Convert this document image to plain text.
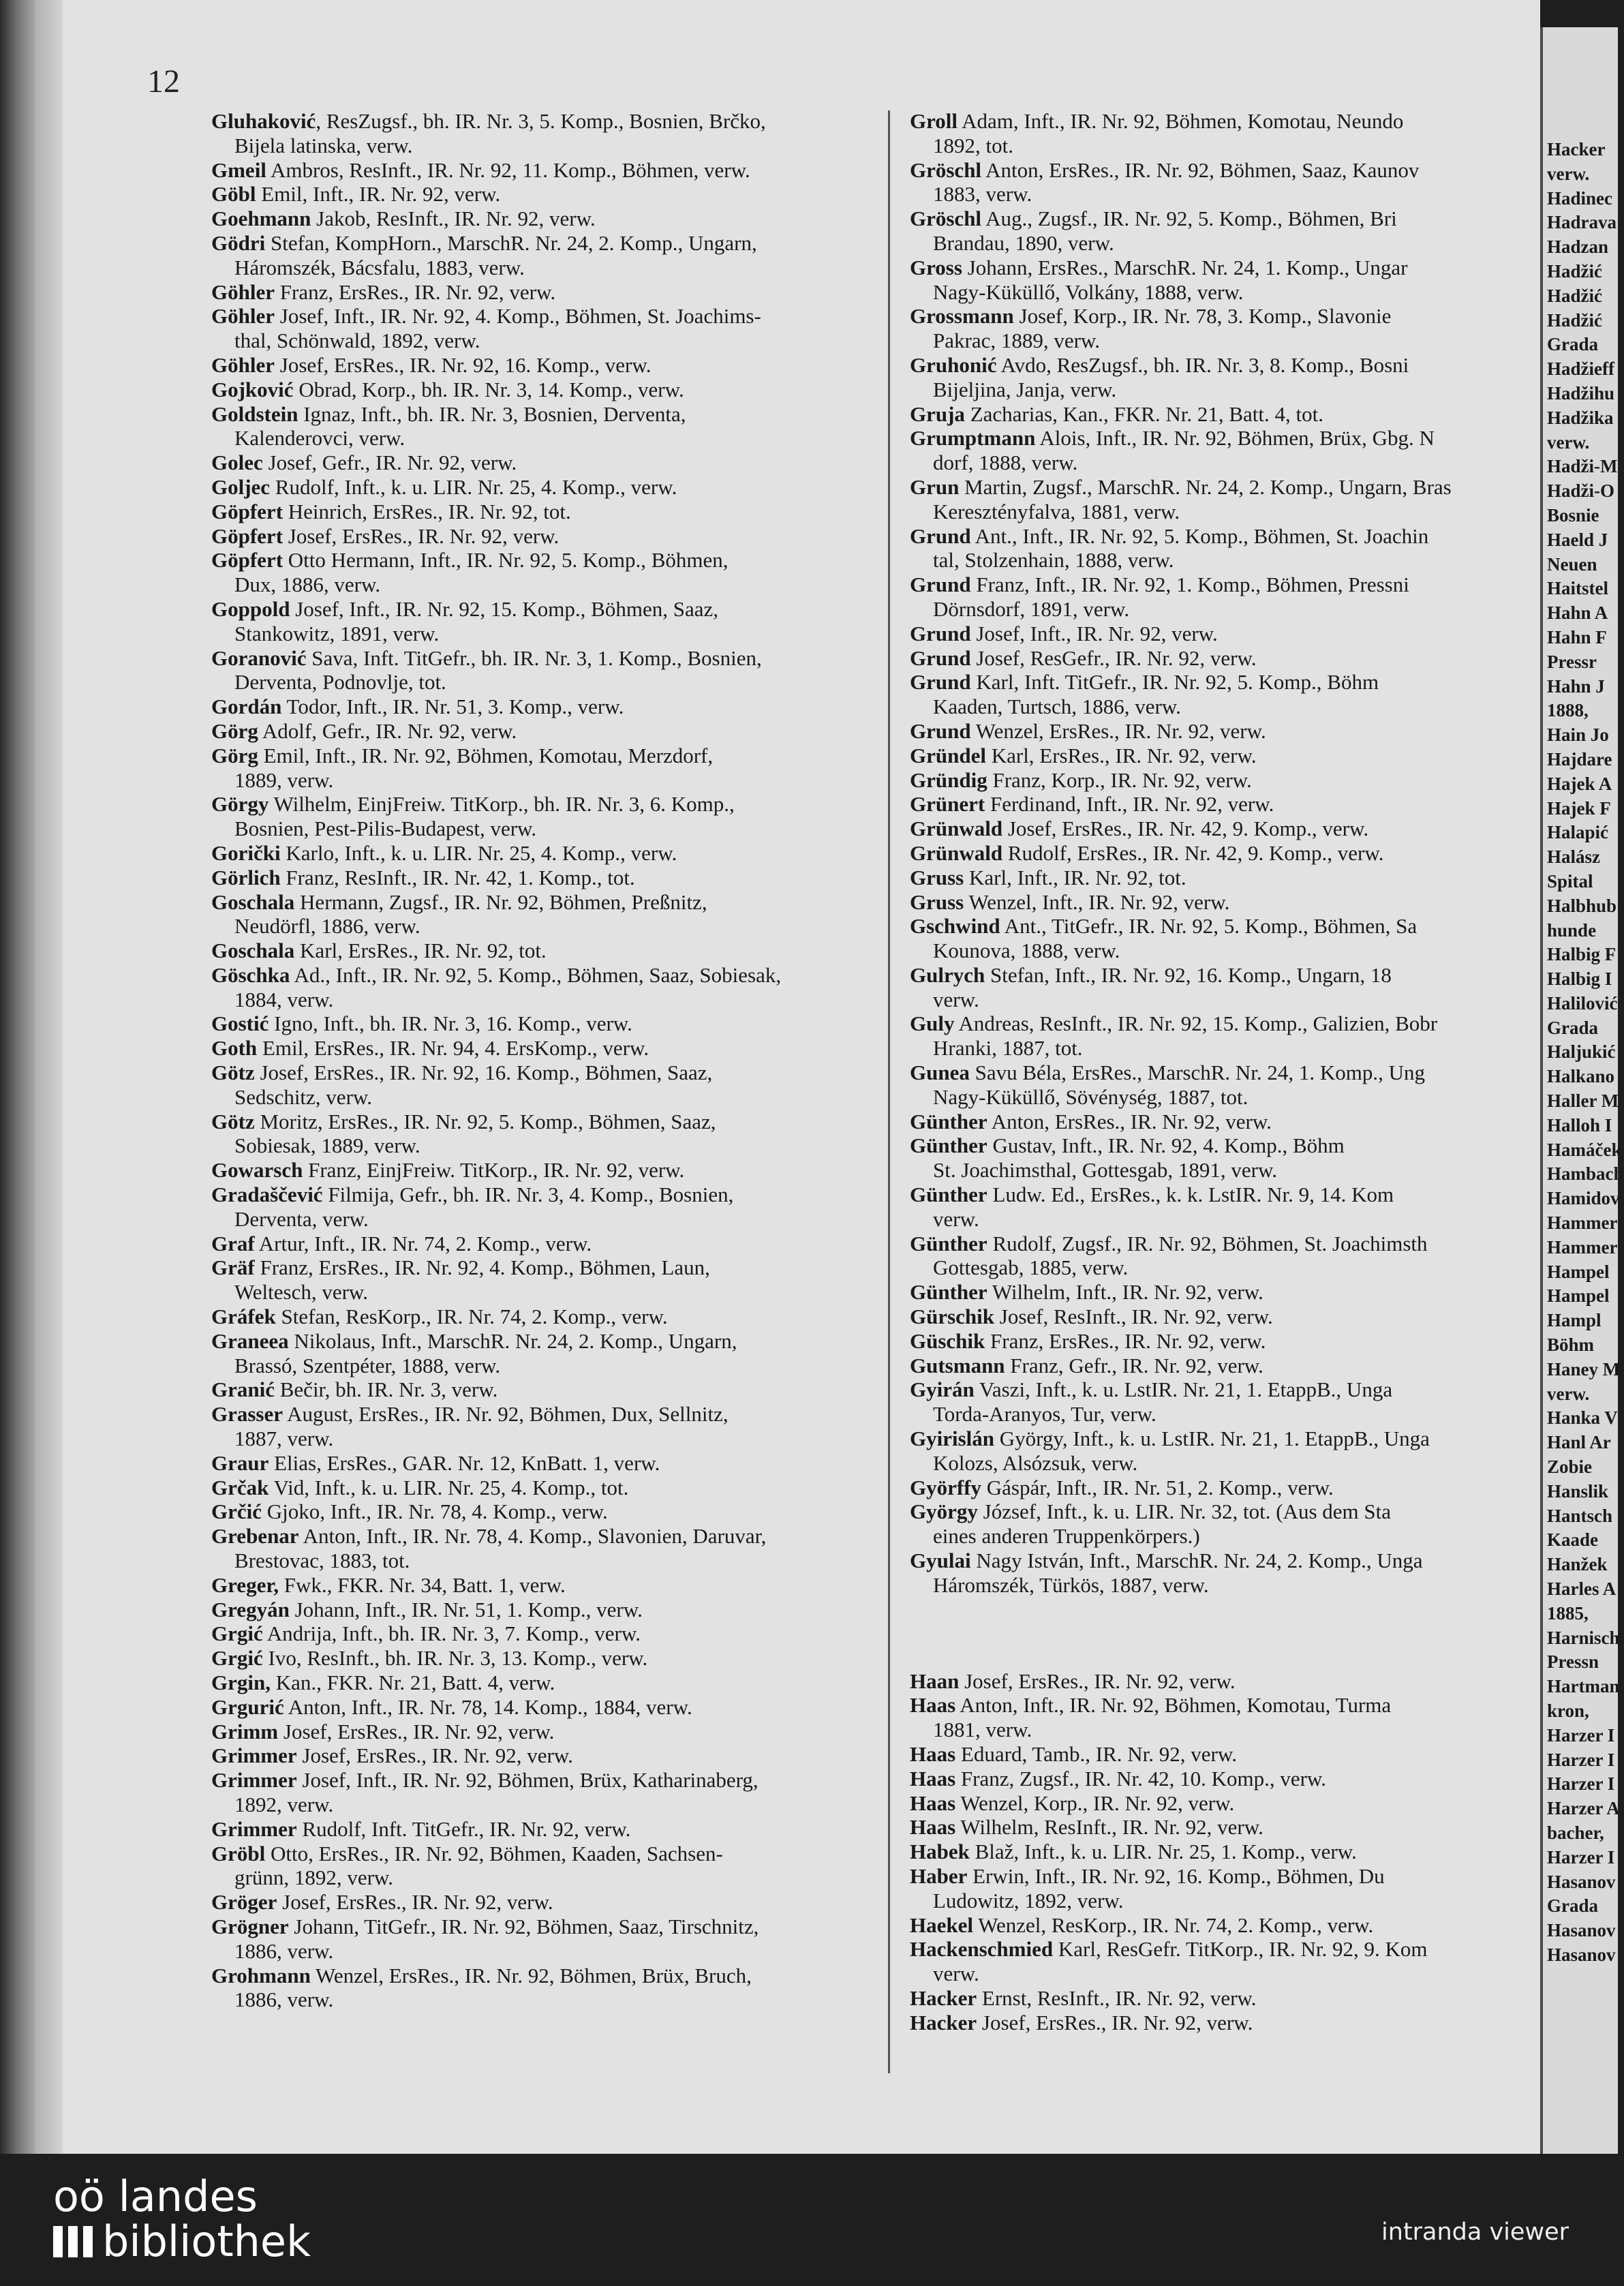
12
Gluhaković, ResZugsf., bh. IR. Nr. 3, 5. Komp., Bosnien, Brčko,
Bijela latinska, verw.
Gmeil Ambros, ResInft., IR. Nr. 92, 11. Komp., Böhmen, verw.
Göbl Emil, Inft., IR. Nr. 92, verw.
Goehmann Jakob, ResInft., IR. Nr. 92, verw.
Gödri Stefan, KompHorn., MarschR. Nr. 24, 2. Komp., Ungarn,
Háromszék, Bácsfalu, 1883, verw.
Göhler Franz, ErsRes., IR. Nr. 92, verw.
Göhler Josef, Inft., IR. Nr. 92, 4. Komp., Böhmen, St. Joachims-
thal, Schönwald, 1892, verw.
Göhler Josef, ErsRes., IR. Nr. 92, 16. Komp., verw.
Gojković Obrad, Korp., bh. IR. Nr. 3, 14. Komp., verw.
Goldstein Ignaz, Inft., bh. IR. Nr. 3, Bosnien, Derventa,
Kalenderovci, verw.
Golec Josef, Gefr., IR. Nr. 92, verw.
Goljec Rudolf, Inft., k. u. LIR. Nr. 25, 4. Komp., verw.
Göpfert Heinrich, ErsRes., IR. Nr. 92, tot.
Göpfert Josef, ErsRes., IR. Nr. 92, verw.
Göpfert Otto Hermann, Inft., IR. Nr. 92, 5. Komp., Böhmen,
Dux, 1886, verw.
Goppold Josef, Inft., IR. Nr. 92, 15. Komp., Böhmen, Saaz,
Stankowitz, 1891, verw.
Goranović Sava, Inft. TitGefr., bh. IR. Nr. 3, 1. Komp., Bosnien,
Derventa, Podnovlje, tot.
Gordán Todor, Inft., IR. Nr. 51, 3. Komp., verw.
Görg Adolf, Gefr., IR. Nr. 92, verw.
Görg Emil, Inft., IR. Nr. 92, Böhmen, Komotau, Merzdorf,
1889, verw.
Görgy Wilhelm, EinjFreiw. TitKorp., bh. IR. Nr. 3, 6. Komp.,
Bosnien, Pest-Pilis-Budapest, verw.
Gorički Karlo, Inft., k. u. LIR. Nr. 25, 4. Komp., verw.
Görlich Franz, ResInft., IR. Nr. 42, 1. Komp., tot.
Goschala Hermann, Zugsf., IR. Nr. 92, Böhmen, Preßnitz,
Neudörfl, 1886, verw.
Goschala Karl, ErsRes., IR. Nr. 92, tot.
Göschka Ad., Inft., IR. Nr. 92, 5. Komp., Böhmen, Saaz, Sobiesak,
1884, verw.
Gostić Igno, Inft., bh. IR. Nr. 3, 16. Komp., verw.
Goth Emil, ErsRes., IR. Nr. 94, 4. ErsKomp., verw.
Götz Josef, ErsRes., IR. Nr. 92, 16. Komp., Böhmen, Saaz,
Sedschitz, verw.
Götz Moritz, ErsRes., IR. Nr. 92, 5. Komp., Böhmen, Saaz,
Sobiesak, 1889, verw.
Gowarsch Franz, EinjFreiw. TitKorp., IR. Nr. 92, verw.
Gradaščević Filmija, Gefr., bh. IR. Nr. 3, 4. Komp., Bosnien,
Derventa, verw.
Graf Artur, Inft., IR. Nr. 74, 2. Komp., verw.
Gräf Franz, ErsRes., IR. Nr. 92, 4. Komp., Böhmen, Laun,
Weltesch, verw.
Gráfek Stefan, ResKorp., IR. Nr. 74, 2. Komp., verw.
Graneea Nikolaus, Inft., MarschR. Nr. 24, 2. Komp., Ungarn,
Brassó, Szentpéter, 1888, verw.
Granić Bečir, bh. IR. Nr. 3, verw.
Grasser August, ErsRes., IR. Nr. 92, Böhmen, Dux, Sellnitz,
1887, verw.
Graur Elias, ErsRes., GAR. Nr. 12, KnBatt. 1, verw.
Grčak Vid, Inft., k. u. LIR. Nr. 25, 4. Komp., tot.
Grčić Gjoko, Inft., IR. Nr. 78, 4. Komp., verw.
Grebenar Anton, Inft., IR. Nr. 78, 4. Komp., Slavonien, Daruvar,
Brestovac, 1883, tot.
Greger, Fwk., FKR. Nr. 34, Batt. 1, verw.
Gregyán Johann, Inft., IR. Nr. 51, 1. Komp., verw.
Grgić Andrija, Inft., bh. IR. Nr. 3, 7. Komp., verw.
Grgić Ivo, ResInft., bh. IR. Nr. 3, 13. Komp., verw.
Grgin, Kan., FKR. Nr. 21, Batt. 4, verw.
Grgurić Anton, Inft., IR. Nr. 78, 14. Komp., 1884, verw.
Grimm Josef, ErsRes., IR. Nr. 92, verw.
Grimmer Josef, ErsRes., IR. Nr. 92, verw.
Grimmer Josef, Inft., IR. Nr. 92, Böhmen, Brüx, Katharinaberg,
1892, verw.
Grimmer Rudolf, Inft. TitGefr., IR. Nr. 92, verw.
Gröbl Otto, ErsRes., IR. Nr. 92, Böhmen, Kaaden, Sachsen-
grünn, 1892, verw.
Gröger Josef, ErsRes., IR. Nr. 92, verw.
Grögner Johann, TitGefr., IR. Nr. 92, Böhmen, Saaz, Tirschnitz,
1886, verw.
Grohmann Wenzel, ErsRes., IR. Nr. 92, Böhmen, Brüx, Bruch,
1886, verw.
Groll Adam, Inft., IR. Nr. 92, Böhmen, Komotau, Neundo
1892, tot.
Gröschl Anton, ErsRes., IR. Nr. 92, Böhmen, Saaz, Kaunov
1883, verw.
Gröschl Aug., Zugsf., IR. Nr. 92, 5. Komp., Böhmen, Bri
Brandau, 1890, verw.
Gross Johann, ErsRes., MarschR. Nr. 24, 1. Komp., Ungar
Nagy-Küküllő, Volkány, 1888, verw.
Grossmann Josef, Korp., IR. Nr. 78, 3. Komp., Slavonie
Pakrac, 1889, verw.
Gruhonić Avdo, ResZugsf., bh. IR. Nr. 3, 8. Komp., Bosni
Bijeljina, Janja, verw.
Gruja Zacharias, Kan., FKR. Nr. 21, Batt. 4, tot.
Grumptmann Alois, Inft., IR. Nr. 92, Böhmen, Brüx, Gbg. N
dorf, 1888, verw.
Grun Martin, Zugsf., MarschR. Nr. 24, 2. Komp., Ungarn, Bras
Keresztényfalva, 1881, verw.
Grund Ant., Inft., IR. Nr. 92, 5. Komp., Böhmen, St. Joachin
tal, Stolzenhain, 1888, verw.
Grund Franz, Inft., IR. Nr. 92, 1. Komp., Böhmen, Pressni
Dörnsdorf, 1891, verw.
Grund Josef, Inft., IR. Nr. 92, verw.
Grund Josef, ResGefr., IR. Nr. 92, verw.
Grund Karl, Inft. TitGefr., IR. Nr. 92, 5. Komp., Böhm
Kaaden, Turtsch, 1886, verw.
Grund Wenzel, ErsRes., IR. Nr. 92, verw.
Gründel Karl, ErsRes., IR. Nr. 92, verw.
Gründig Franz, Korp., IR. Nr. 92, verw.
Grünert Ferdinand, Inft., IR. Nr. 92, verw.
Grünwald Josef, ErsRes., IR. Nr. 42, 9. Komp., verw.
Grünwald Rudolf, ErsRes., IR. Nr. 42, 9. Komp., verw.
Gruss Karl, Inft., IR. Nr. 92, tot.
Gruss Wenzel, Inft., IR. Nr. 92, verw.
Gschwind Ant., TitGefr., IR. Nr. 92, 5. Komp., Böhmen, Sa
Kounova, 1888, verw.
Gulrych Stefan, Inft., IR. Nr. 92, 16. Komp., Ungarn, 18
verw.
Guly Andreas, ResInft., IR. Nr. 92, 15. Komp., Galizien, Bobr
Hranki, 1887, tot.
Gunea Savu Béla, ErsRes., MarschR. Nr. 24, 1. Komp., Ung
Nagy-Küküllő, Sövénység, 1887, tot.
Günther Anton, ErsRes., IR. Nr. 92, verw.
Günther Gustav, Inft., IR. Nr. 92, 4. Komp., Böhm
St. Joachimsthal, Gottesgab, 1891, verw.
Günther Ludw. Ed., ErsRes., k. k. LstIR. Nr. 9, 14. Kom
verw.
Günther Rudolf, Zugsf., IR. Nr. 92, Böhmen, St. Joachimsth
Gottesgab, 1885, verw.
Günther Wilhelm, Inft., IR. Nr. 92, verw.
Gürschik Josef, ResInft., IR. Nr. 92, verw.
Güschik Franz, ErsRes., IR. Nr. 92, verw.
Gutsmann Franz, Gefr., IR. Nr. 92, verw.
Gyirán Vaszi, Inft., k. u. LstIR. Nr. 21, 1. EtappB., Unga
Torda-Aranyos, Tur, verw.
Gyirislán György, Inft., k. u. LstIR. Nr. 21, 1. EtappB., Unga
Kolozs, Alsózsuk, verw.
Györffy Gáspár, Inft., IR. Nr. 51, 2. Komp., verw.
György József, Inft., k. u. LIR. Nr. 32, tot. (Aus dem Sta
eines anderen Truppenkörpers.)
Gyulai Nagy István, Inft., MarschR. Nr. 24, 2. Komp., Unga
Háromszék, Türkös, 1887, verw.
Haan Josef, ErsRes., IR. Nr. 92, verw.
Haas Anton, Inft., IR. Nr. 92, Böhmen, Komotau, Turma
1881, verw.
Haas Eduard, Tamb., IR. Nr. 92, verw.
Haas Franz, Zugsf., IR. Nr. 42, 10. Komp., verw.
Haas Wenzel, Korp., IR. Nr. 92, verw.
Haas Wilhelm, ResInft., IR. Nr. 92, verw.
Habek Blaž, Inft., k. u. LIR. Nr. 25, 1. Komp., verw.
Haber Erwin, Inft., IR. Nr. 92, 16. Komp., Böhmen, Du
Ludowitz, 1892, verw.
Haekel Wenzel, ResKorp., IR. Nr. 74, 2. Komp., verw.
Hackenschmied Karl, ResGefr. TitKorp., IR. Nr. 92, 9. Kom
verw.
Hacker Ernst, ResInft., IR. Nr. 92, verw.
Hacker Josef, ErsRes., IR. Nr. 92, verw.
Hacker
verw.
Hadinec
Hadrava
Hadzan
Hadžić
Hadžić
Hadžić
Grada
Hadžieff
Hadžihu
Hadžika
verw.
Hadži-M
Hadži-O
Bosnie
Haeld J
Neuen
Haitstel
Hahn A
Hahn F
Pressr
Hahn J
1888,
Hain Jo
Hajdare
Hajek A
Hajek F
Halapić
Halász
Spital
Halbhub
hunde
Halbig F
Halbig I
Halilović
Grada
Haljukić
Halkano
Haller M
Halloh I
Hamáček
Hambach
Hamidov
Hammer
Hammer
Hampel
Hampel
Hampl
Böhm
Haney M
verw.
Hanka V
Hanl Ar
Zobie
Hanslik
Hantsch
Kaade
Hanžek
Harles A
1885,
Harnisch
Pressn
Hartman
kron,
Harzer I
Harzer I
Harzer I
Harzer A
bacher,
Harzer I
Hasanov
Grada
Hasanov
Hasanov
oö landes
bibliothek	intranda viewer
